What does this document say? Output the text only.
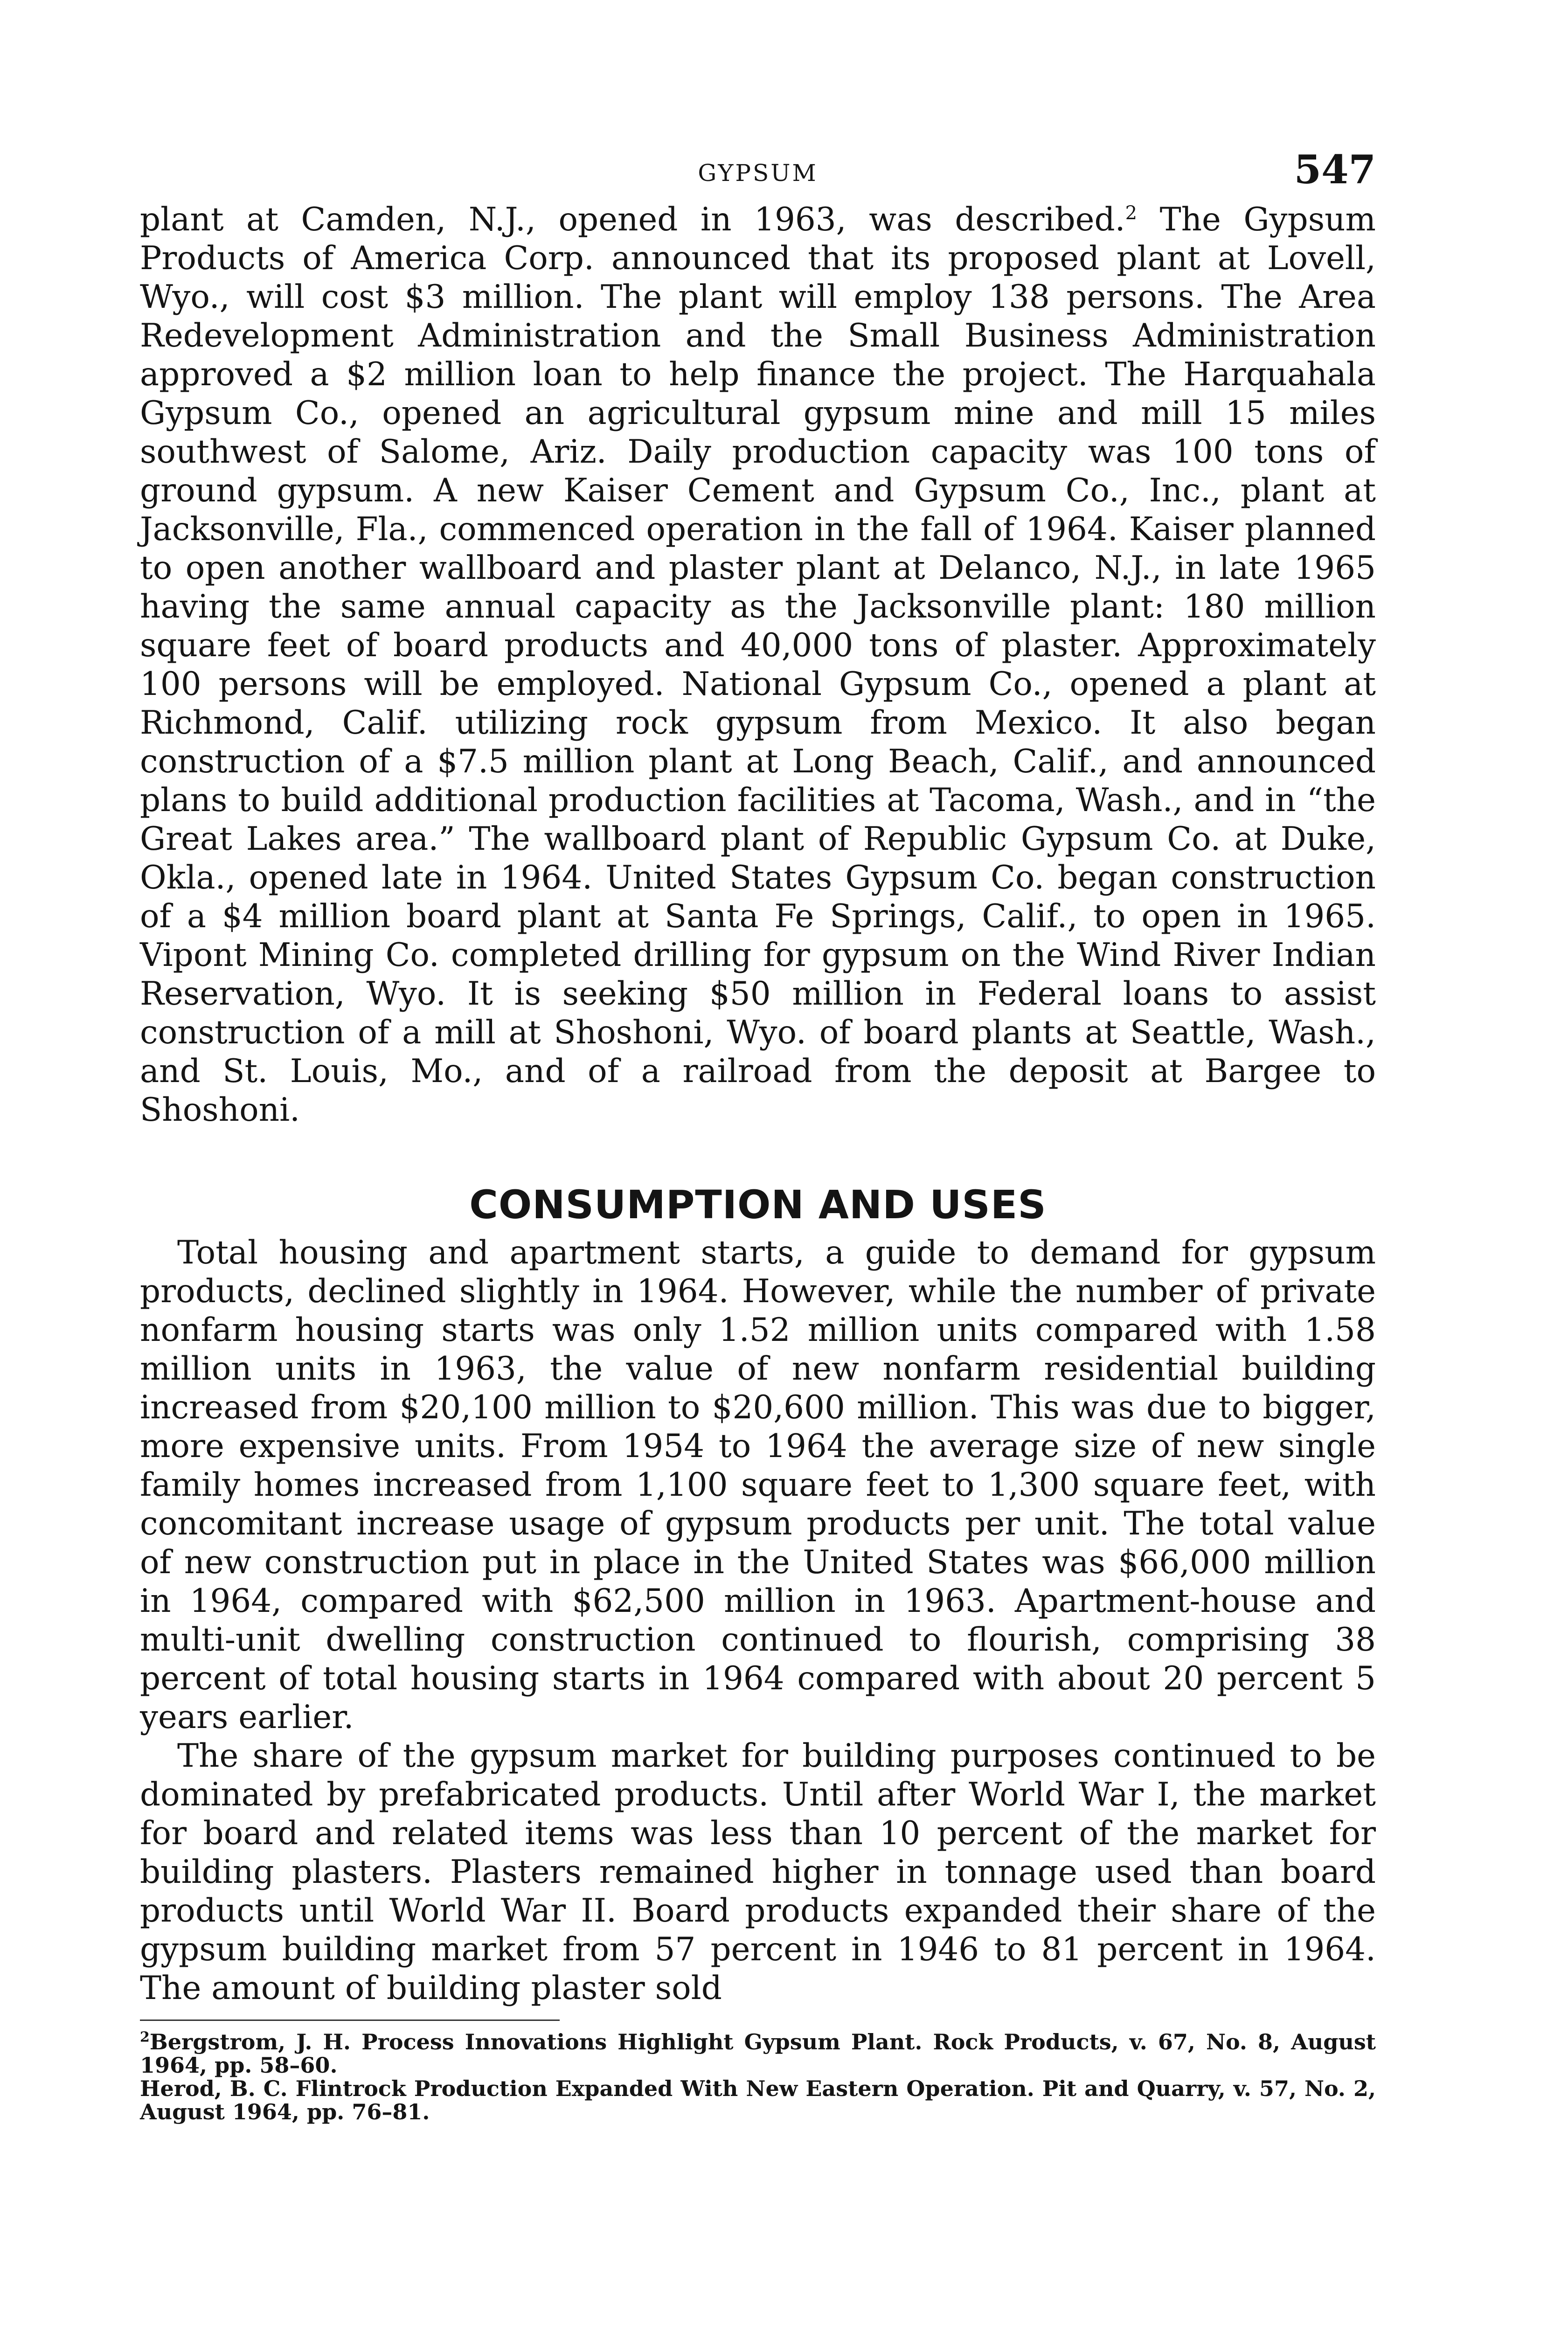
GYPSUM	547

plant at Camden, N.J., opened in 1963, was described.$^2$ The Gypsum Products of America Corp. announced that its proposed plant at Lovell, Wyo., will cost $3 million. The plant will employ 138 persons. The Area Redevelopment Administration and the Small Business Administration approved a $2 million loan to help finance the project. The Harquahala Gypsum Co., opened an agricultural gypsum mine and mill 15 miles southwest of Salome, Ariz. Daily production capacity was 100 tons of ground gypsum. A new Kaiser Cement and Gypsum Co., Inc., plant at Jacksonville, Fla., commenced operation in the fall of 1964. Kaiser planned to open another wallboard and plaster plant at Delanco, N.J., in late 1965 having the same annual capacity as the Jacksonville plant: 180 million square feet of board products and 40,000 tons of plaster. Approximately 100 persons will be employed. National Gypsum Co., opened a plant at Richmond, Calif. utilizing rock gypsum from Mexico. It also began construction of a $7.5 million plant at Long Beach, Calif., and announced plans to build additional production facilities at Tacoma, Wash., and in “the Great Lakes area.” The wallboard plant of Republic Gypsum Co. at Duke, Okla., opened late in 1964. United States Gypsum Co. began construction of a $4 million board plant at Santa Fe Springs, Calif., to open in 1965. Vipont Mining Co. completed drilling for gypsum on the Wind River Indian Reservation, Wyo. It is seeking $50 million in Federal loans to assist construction of a mill at Shoshoni, Wyo. of board plants at Seattle, Wash., and St. Louis, Mo., and of a railroad from the deposit at Bargee to Shoshoni.

CONSUMPTION AND USES

Total housing and apartment starts, a guide to demand for gypsum products, declined slightly in 1964. However, while the number of private nonfarm housing starts was only 1.52 million units compared with 1.58 million units in 1963, the value of new nonfarm residential building increased from $20,100 million to $20,600 million. This was due to bigger, more expensive units. From 1954 to 1964 the average size of new single family homes increased from 1,100 square feet to 1,300 square feet, with concomitant increase usage of gypsum products per unit. The total value of new construction put in place in the United States was $66,000 million in 1964, compared with $62,500 million in 1963. Apartment-house and multi-unit dwelling construction continued to flourish, comprising 38 percent of total housing starts in 1964 compared with about 20 percent 5 years earlier.

The share of the gypsum market for building purposes continued to be dominated by prefabricated products. Until after World War I, the market for board and related items was less than 10 percent of the market for building plasters. Plasters remained higher in tonnage used than board products until World War II. Board products expanded their share of the gypsum building market from 57 percent in 1946 to 81 percent in 1964. The amount of building plaster sold

$^2$Bergstrom, J. H. Process Innovations Highlight Gypsum Plant. Rock Products, v. 67, No. 8, August 1964, pp. 58–60.

Herod, B. C. Flintrock Production Expanded With New Eastern Operation. Pit and Quarry, v. 57, No. 2, August 1964, pp. 76–81.
